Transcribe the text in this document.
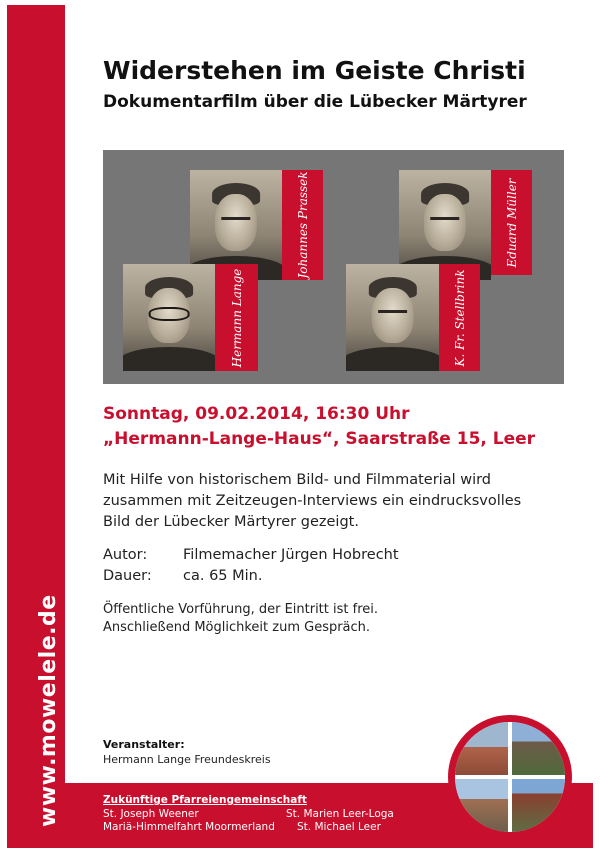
www.mowelele.de
Widerstehen im Geiste Christi
Dokumentarfilm über die Lübecker Märtyrer
Johannes Prassek	Eduard Müller
Hermann Lange	K. Fr. Stellbrink
Sonntag, 09.02.2014, 16:30 Uhr
„Hermann-Lange-Haus“, Saarstraße 15, Leer
Mit Hilfe von historischem Bild- und Filmmaterial wird
zusammen mit Zeitzeugen-Interviews ein eindrucksvolles
Bild der Lübecker Märtyrer gezeigt.
Autor:	Filmemacher Jürgen Hobrecht
Dauer:	ca. 65 Min.
Öffentliche Vorführung, der Eintritt ist frei.
Anschließend Möglichkeit zum Gespräch.
Veranstalter:
Hermann Lange Freundeskreis
Zukünftige Pfarreiengemeinschaft
St. Joseph Weener
Mariä-Himmelfahrt Moormerland
St. Marien Leer-Loga
St. Michael Leer
